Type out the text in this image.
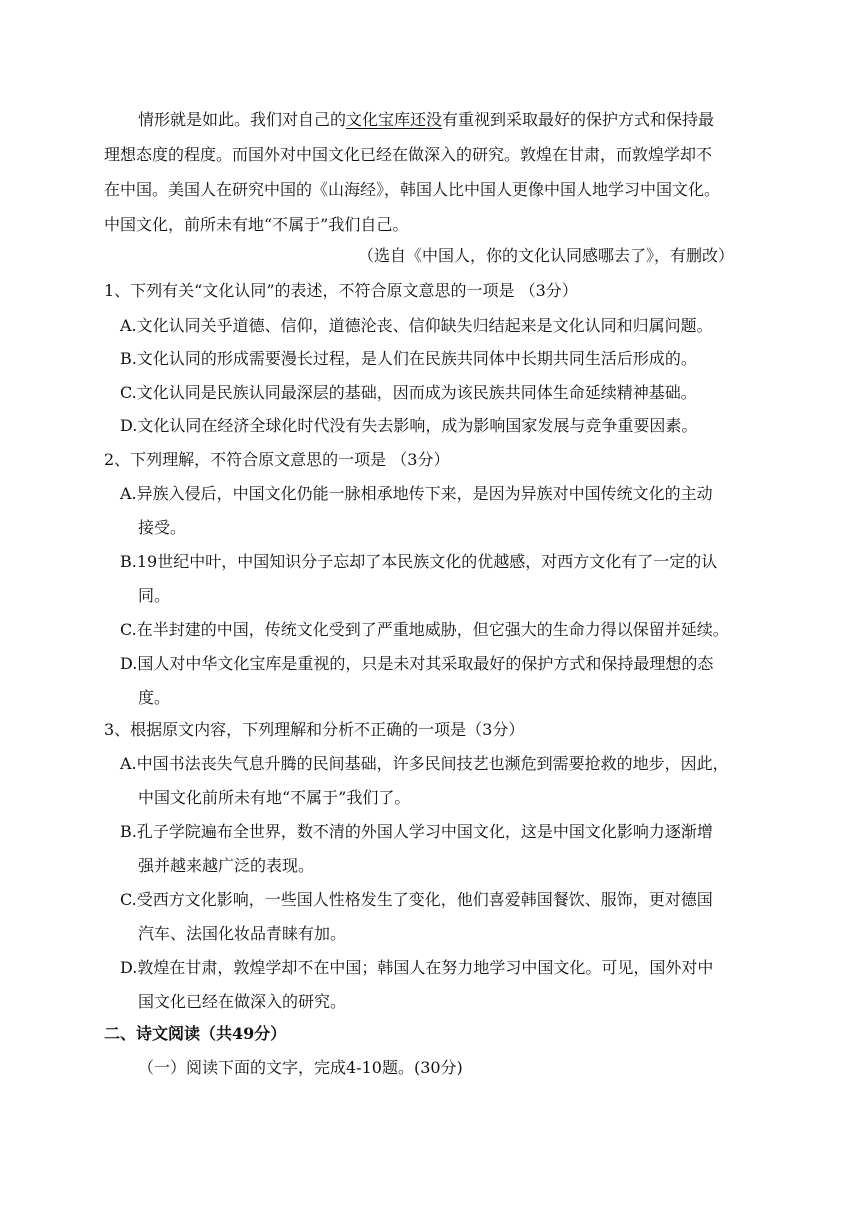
情形就是如此。我们对自己的文化宝库还没有重视到采取最好的保护方式和保持最
理想态度的程度。而国外对中国文化已经在做深入的研究。敦煌在甘肃，而敦煌学却不
在中国。美国人在研究中国的《山海经》，韩国人比中国人更像中国人地学习中国文化。
中国文化，前所未有地“不属于”我们自己。
（选自《中国人，你的文化认同感哪去了》，有删改）
1、下列有关“文化认同”的表述，不符合原文意思的一项是 （3分）
A.文化认同关乎道德、信仰，道德沦丧、信仰缺失归结起来是文化认同和归属问题。
B.文化认同的形成需要漫长过程，是人们在民族共同体中长期共同生活后形成的。
C.文化认同是民族认同最深层的基础，因而成为该民族共同体生命延续精神基础。
D.文化认同在经济全球化时代没有失去影响，成为影响国家发展与竞争重要因素。
2、下列理解，不符合原文意思的一项是 （3分）
A.异族入侵后，中国文化仍能一脉相承地传下来，是因为异族对中国传统文化的主动
接受。
B.19世纪中叶，中国知识分子忘却了本民族文化的优越感，对西方文化有了一定的认
同。
C.在半封建的中国，传统文化受到了严重地威胁，但它强大的生命力得以保留并延续。
D.国人对中华文化宝库是重视的，只是未对其采取最好的保护方式和保持最理想的态
度。
3、根据原文内容，下列理解和分析不正确的一项是（3分）
A.中国书法丧失气息升腾的民间基础，许多民间技艺也濒危到需要抢救的地步，因此，
中国文化前所未有地“不属于”我们了。
B.孔子学院遍布全世界，数不清的外国人学习中国文化，这是中国文化影响力逐渐增
强并越来越广泛的表现。
C.受西方文化影响，一些国人性格发生了变化，他们喜爱韩国餐饮、服饰，更对德国
汽车、法国化妆品青睐有加。
D.敦煌在甘肃，敦煌学却不在中国；韩国人在努力地学习中国文化。可见，国外对中
国文化已经在做深入的研究。
二、诗文阅读（共49分）
（一）阅读下面的文字，完成4-10题。(30分)
